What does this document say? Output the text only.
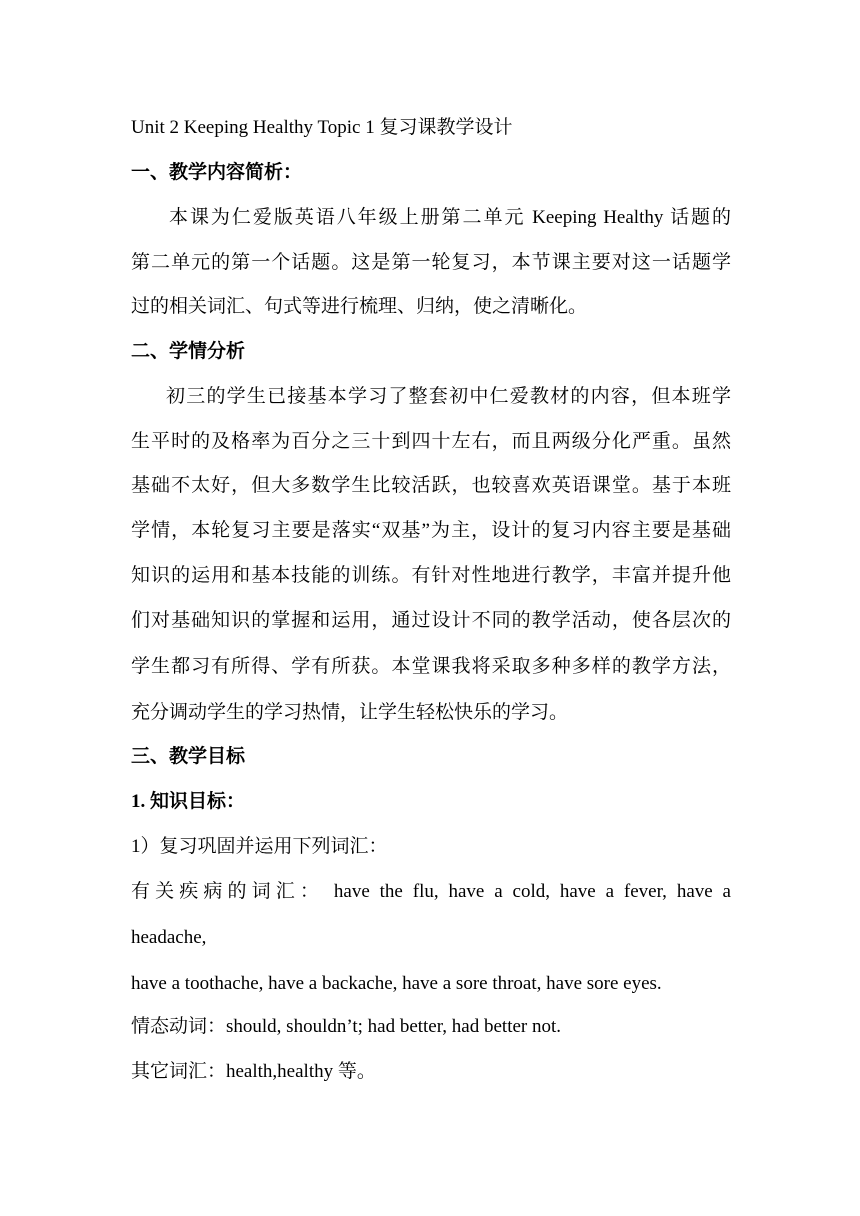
Unit 2 Keeping Healthy Topic 1 复习课教学设计
一、教学内容简析：
本课为仁爱版英语八年级上册第二单元 Keeping Healthy 话题的
第二单元的第一个话题。这是第一轮复习，本节课主要对这一话题学
过的相关词汇、句式等进行梳理、归纳，使之清晰化。
二、学情分析
初三的学生已接基本学习了整套初中仁爱教材的内容，但本班学
生平时的及格率为百分之三十到四十左右，而且两级分化严重。虽然
基础不太好，但大多数学生比较活跃，也较喜欢英语课堂。基于本班
学情，本轮复习主要是落实“双基”为主，设计的复习内容主要是基础
知识的运用和基本技能的训练。有针对性地进行教学，丰富并提升他
们对基础知识的掌握和运用，通过设计不同的教学活动，使各层次的
学生都习有所得、学有所获。本堂课我将采取多种多样的教学方法，
充分调动学生的学习热情，让学生轻松快乐的学习。
三、教学目标
1. 知识目标：
1）复习巩固并运用下列词汇：
有关疾病的词汇： have the flu, have a cold, have a fever, have a
headache,
have a toothache, have a backache, have a sore throat, have sore eyes.
情态动词：should, shouldn’t; had better, had better not.
其它词汇：health,healthy 等。
